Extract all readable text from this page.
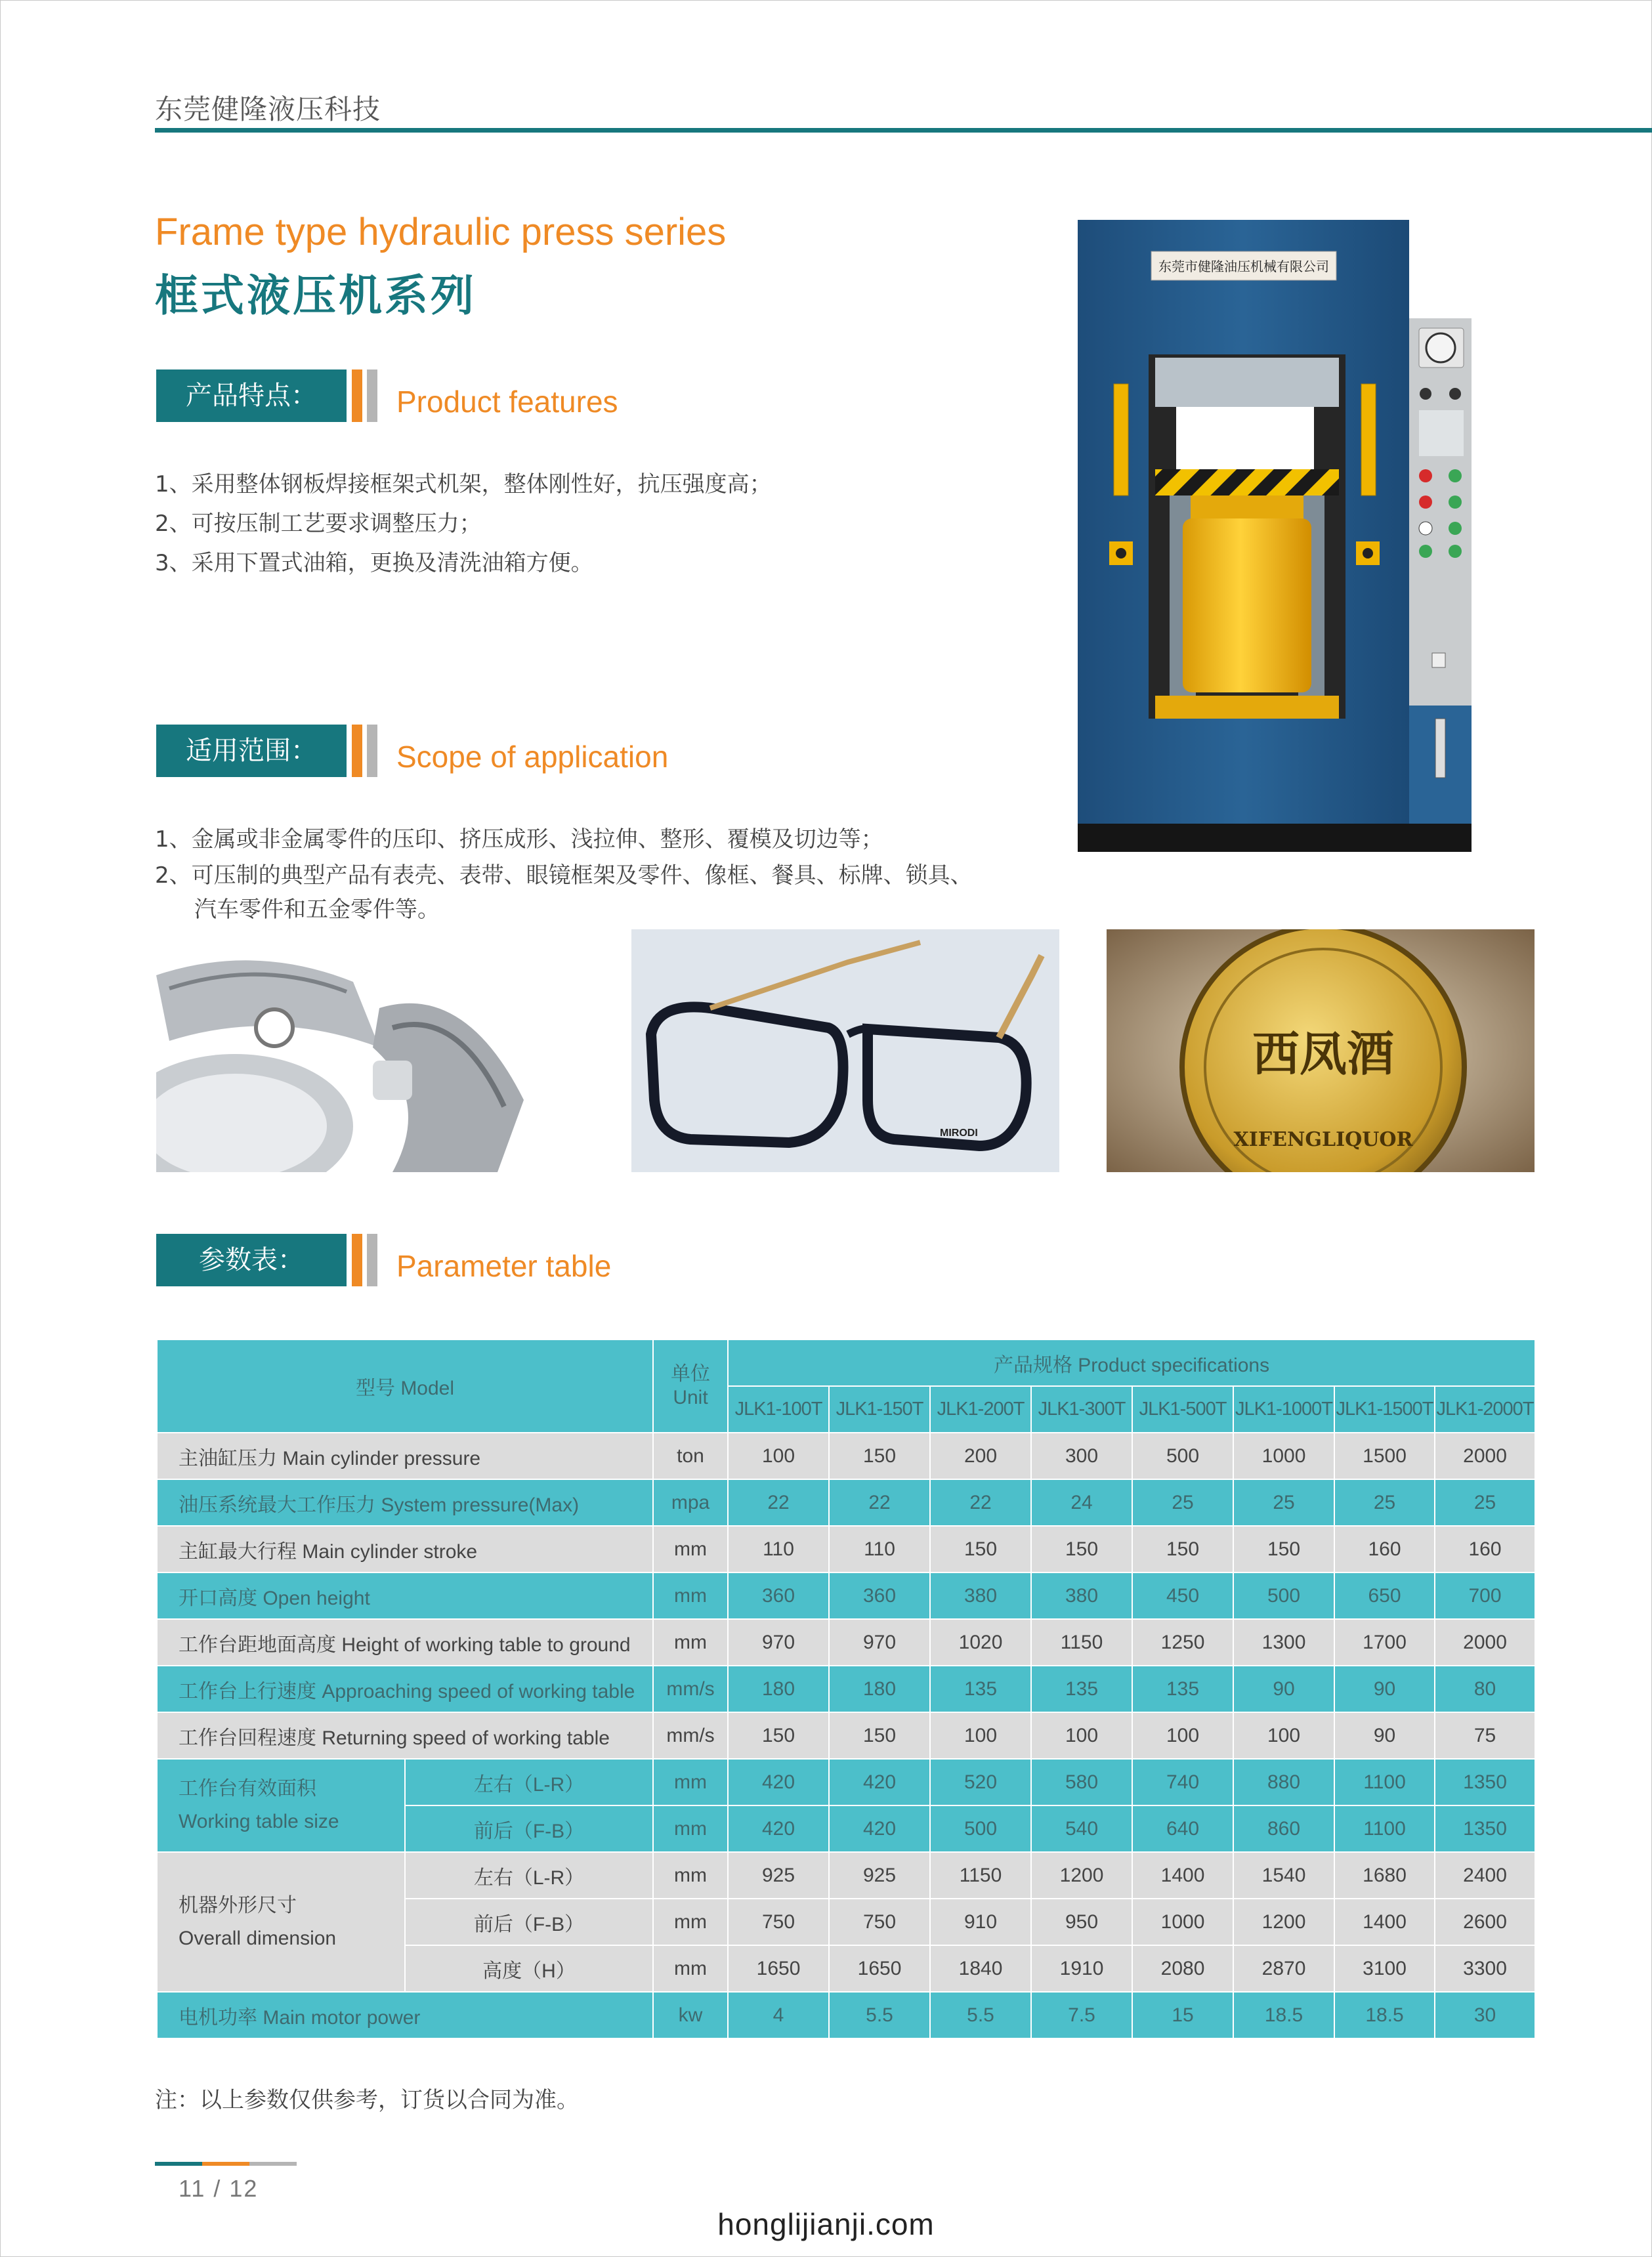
东莞健隆液压科技
Frame type hydraulic press series
框式液压机系列
产品特点：	Product features
1、采用整体钢板焊接框架式机架，整体刚性好，抗压强度高；
2、可按压制工艺要求调整压力；
3、采用下置式油箱，更换及清洗油箱方便。
适用范围：	Scope of application
1、金属或非金属零件的压印、挤压成形、浅拉伸、整形、覆模及切边等；
2、可压制的典型产品有表壳、表带、眼镜框架及零件、像框、餐具、标牌、锁具、
汽车零件和五金零件等。
东莞市健隆油压机械有限公司
MIRODI
西凤酒
XIFENGLIQUOR
参数表：	Parameter table
型号 Model		单位 Unit	产品规格 Product specifications							
			JLK1-100T	JLK1-150T	JLK1-200T	JLK1-300T	JLK1-500T	JLK1-1000T	JLK1-1500T	JLK1-2000T
主油缸压力 Main cylinder pressure		ton	100	150	200	300	500	1000	1500	2000
油压系统最大工作压力 System pressure(Max)		mpa	22	22	22	24	25	25	25	25
主缸最大行程 Main cylinder stroke		mm	110	110	150	150	150	150	160	160
开口高度 Open height		mm	360	360	380	380	450	500	650	700
工作台距地面高度 Height of working table to ground		mm	970	970	1020	1150	1250	1300	1700	2000
工作台上行速度 Approaching speed of working table		mm/s	180	180	135	135	135	90	90	80
工作台回程速度 Returning speed of working table		mm/s	150	150	100	100	100	100	90	75

工作台有效面积
Working table size	左右（L-R）	mm	420	420	520	580	740	880	1100	1350
	前后（F-B）	mm	420	420	500	540	640	860	1100	1350

机器外形尺寸
Overall dimension	左右（L-R）	mm	925	925	1150	1200	1400	1540	1680	2400
	前后（F-B）	mm	750	750	910	950	1000	1200	1400	2600
	高度（H）	mm	1650	1650	1840	1910	2080	2870	3100	3300
电机功率 Main motor power		kw	4	5.5	5.5	7.5	15	18.5	18.5	30
注：以上参数仅供参考，订货以合同为准。
11 / 12
honglijianji.com
